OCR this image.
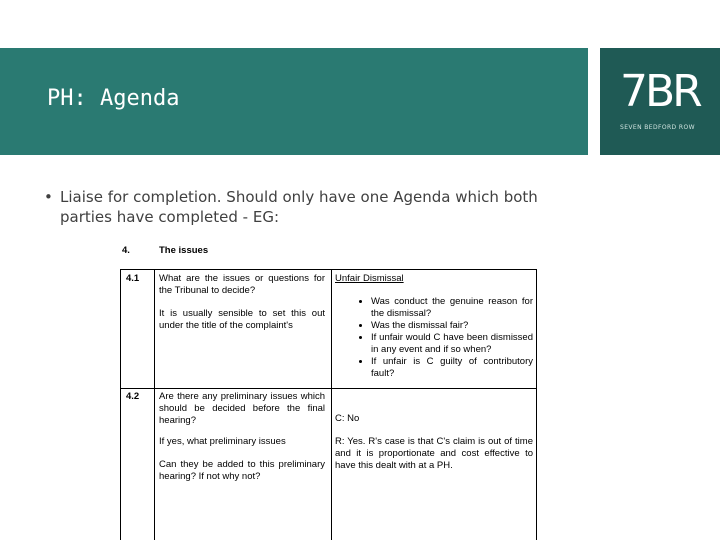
PH: Agenda	7BR
SEVEN BEDFORD ROW
• Liaise for completion. Should only have one Agenda which both parties have completed - EG:
4.	The issues
4.1 What are the issues or questions for the Tribunal to decide?
It is usually sensible to set this out under the title of the complaint's
Unfair Dismissal
• Was conduct the genuine reason for the dismissal?
• Was the dismissal fair?
• If unfair would C have been dismissed in any event and if so when?
• If unfair is C guilty of contributory fault?
4.2 Are there any preliminary issues which should be decided before the final hearing?
If yes, what preliminary issues
Can they be added to this preliminary hearing? If not why not?
C: No
R: Yes. R's case is that C's claim is out of time and it is proportionate and cost effective to have this dealt with at a PH.
